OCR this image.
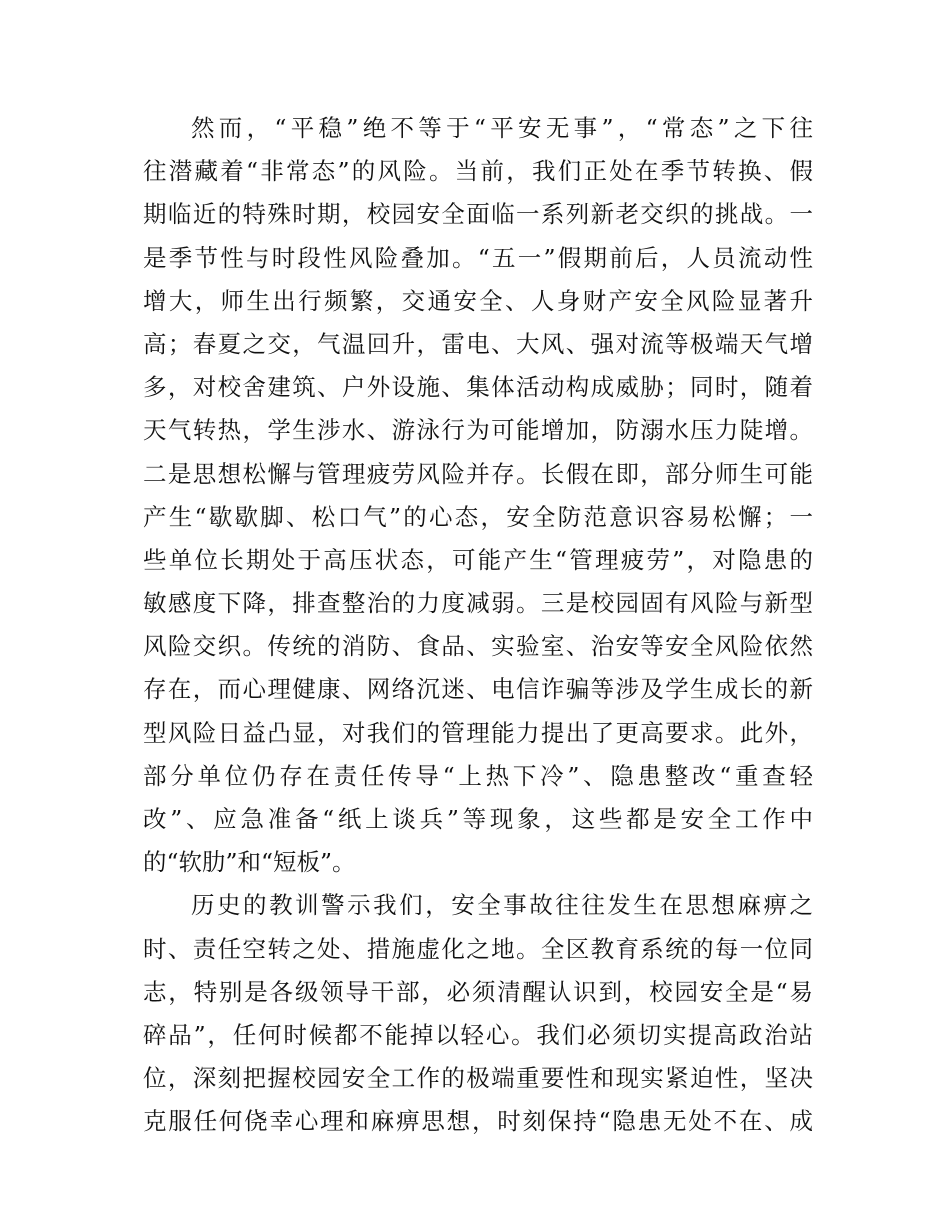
然而，“平稳”绝不等于“平安无事”，“常态”之下往
往潜藏着“非常态”的风险。当前，我们正处在季节转换、假
期临近的特殊时期，校园安全面临一系列新老交织的挑战。一
是季节性与时段性风险叠加。“五一”假期前后，人员流动性
增大，师生出行频繁，交通安全、人身财产安全风险显著升
高；春夏之交，气温回升，雷电、大风、强对流等极端天气增
多，对校舍建筑、户外设施、集体活动构成威胁；同时，随着
天气转热，学生涉水、游泳行为可能增加，防溺水压力陡增。
二是思想松懈与管理疲劳风险并存。长假在即，部分师生可能
产生“歇歇脚、松口气”的心态，安全防范意识容易松懈；一
些单位长期处于高压状态，可能产生“管理疲劳”，对隐患的
敏感度下降，排查整治的力度减弱。三是校园固有风险与新型
风险交织。传统的消防、食品、实验室、治安等安全风险依然
存在，而心理健康、网络沉迷、电信诈骗等涉及学生成长的新
型风险日益凸显，对我们的管理能力提出了更高要求。此外，
部分单位仍存在责任传导“上热下冷”、隐患整改“重查轻
改”、应急准备“纸上谈兵”等现象，这些都是安全工作中
的“软肋”和“短板”。
历史的教训警示我们，安全事故往往发生在思想麻痹之
时、责任空转之处、措施虚化之地。全区教育系统的每一位同
志，特别是各级领导干部，必须清醒认识到，校园安全是“易
碎品”，任何时候都不能掉以轻心。我们必须切实提高政治站
位，深刻把握校园安全工作的极端重要性和现实紧迫性，坚决
克服任何侥幸心理和麻痹思想，时刻保持“隐患无处不在、成
